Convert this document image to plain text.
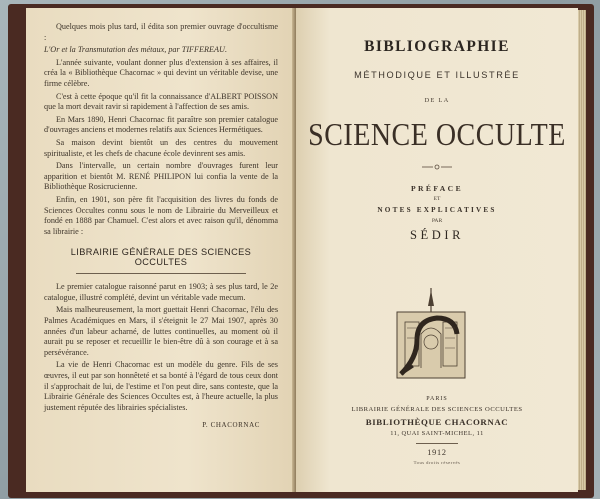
Quelques mois plus tard, il édita son premier ouvrage d'occultisme :

L'Or et la Transmutation des métaux, par TIFFEREAU.

L'année suivante, voulant donner plus d'extension à ses affaires, il créa la « Bibliothèque Chacornac » qui devint un véritable devise, une firme célèbre.

C'est à cette époque qu'il fit la connaissance d'ALBERT POISSON que la mort devait ravir si rapidement à l'affection de ses amis.

En Mars 1890, Henri Chacornac fit paraître son premier catalogue d'ouvrages anciens et modernes relatifs aux Sciences Hermétiques.

Sa maison devint bientôt un des centres du mouvement spiritualiste, et les chefs de chacune école devinrent ses amis.

Dans l'intervalle, un certain nombre d'ouvrages furent leur apparition et bientôt M. RENÉ PHILIPON lui confia la vente de la Bibliothèque Rosicrucienne.

Enfin, en 1901, son père fit l'acquisition des livres du fonds de Sciences Occultes connu sous le nom de Librairie du Merveilleux et fondé en 1888 par Chamuel. C'est alors et avec raison qu'il, dénomma sa librairie :

LIBRAIRIE GÉNÉRALE DES SCIENCES OCCULTES

Le premier catalogue raisonné parut en 1903; à ses plus tard, le 2e catalogue, illustré complété, devint un véritable vade mecum.

Mais malheureusement, la mort guettait Henri Chacornac, l'élu des Palmes Académiques en Mars, il s'éteignit le 27 Mai 1907, après 30 années d'un labeur acharné, de luttes continuelles, au moment où il aurait pu se reposer et recueillir le bien-être dû à son courage et à sa persévérance.

La vie de Henri Chacornac est un modèle du genre. Fils de ses œuvres, il eut par son honnêteté et sa bonté à l'égard de tous ceux dont il s'approchait de lui, de l'estime et l'on peut dire, sans conteste, que la Librairie Générale des Sciences Occultes est, à l'heure actuelle, la plus justement réputée des librairies spécialistes.

P. CHACORNAC
BIBLIOGRAPHIE
MÉTHODIQUE ET ILLUSTRÉE
DE LA
SCIENCE OCCULTE
PRÉFACE
ET
NOTES EXPLICATIVES
PAR
SÉDIR
PARIS
LIBRAIRIE GÉNÉRALE DES SCIENCES OCCULTES
BIBLIOTHÈQUE CHACORNAC
11, QUAI SAINT-MICHEL, 11
1912
Tous droits réservés
